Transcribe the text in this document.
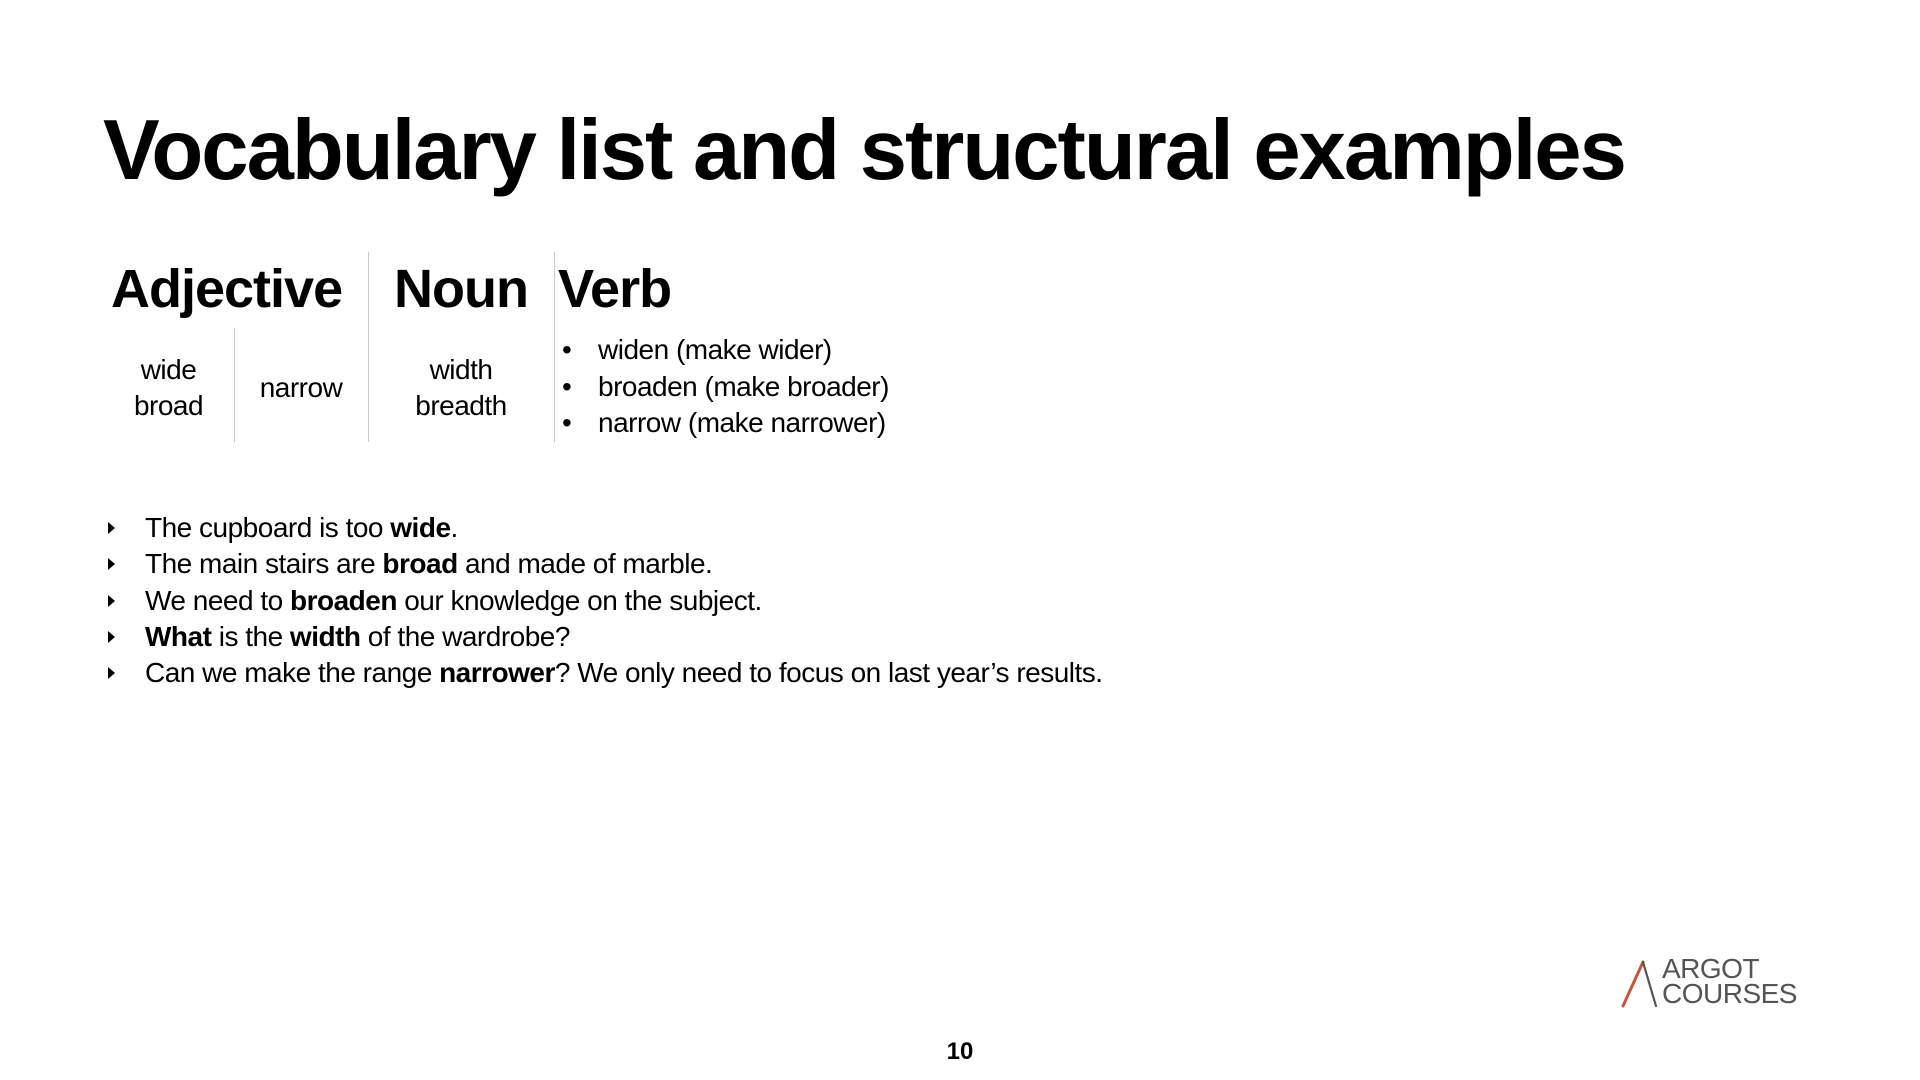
Vocabulary list and structural examples
Adjective
wide
broad
narrow
Noun
width
breadth
Verb
• widen (make wider)
• broaden (make broader)
• narrow (make narrower)
The cupboard is too wide.
The main stairs are broad and made of marble.
We need to broaden our knowledge on the subject.
What is the width of the wardrobe?
Can we make the range narrower? We only need to focus on last year’s results.
ARGOT
COURSES
10
